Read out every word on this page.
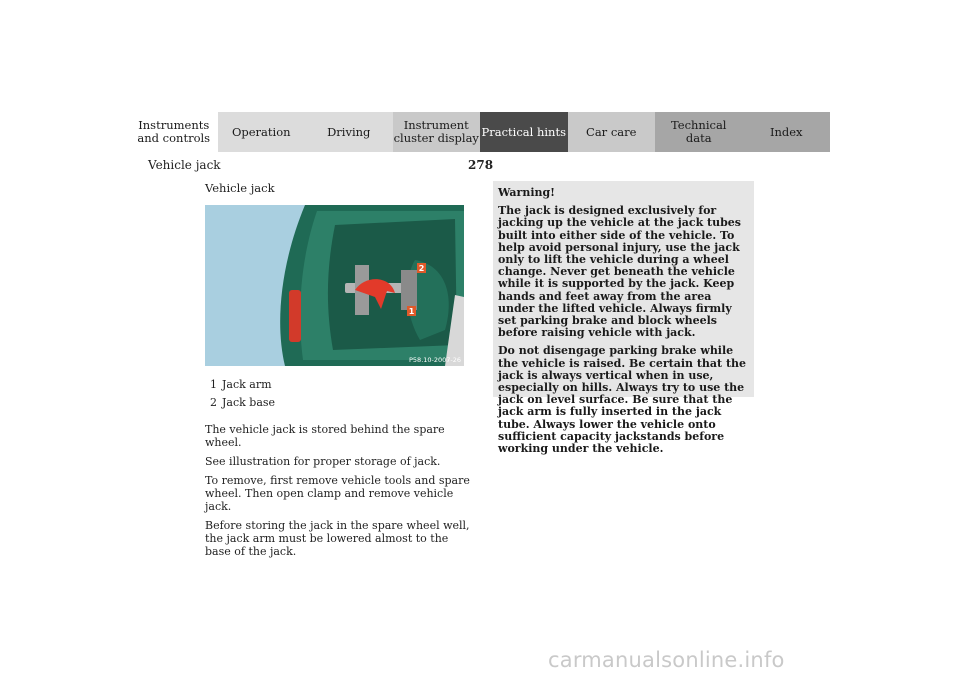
Instruments
and controls	Operation	Driving	Instrument
cluster display Practical hints	Car care	Technical
data	Index
Vehicle jack	278
Vehicle jack
2
1
P58.10-2007-26
1 Jack arm
2 Jack base

The vehicle jack is stored behind the spare wheel.

See illustration for proper storage of jack.

To remove, first remove vehicle tools and spare wheel. Then open clamp and remove vehicle jack.

Before storing the jack in the spare wheel well, the jack arm must be lowered almost to the base of the jack.

Warning!

The jack is designed exclusively for jacking up the vehicle at the jack tubes built into either side of the vehicle. To help avoid personal injury, use the jack only to lift the vehicle during a wheel change. Never get beneath the vehicle while it is supported by the jack. Keep hands and feet away from the area under the lifted vehicle. Always firmly set parking brake and block wheels before raising vehicle with jack.

Do not disengage parking brake while the vehicle is raised. Be certain that the jack is always vertical when in use, especially on hills. Always try to use the jack on level surface. Be sure that the jack arm is fully inserted in the jack tube. Always lower the vehicle onto sufficient capacity jackstands before working under the vehicle.

carmanualsonline.info
